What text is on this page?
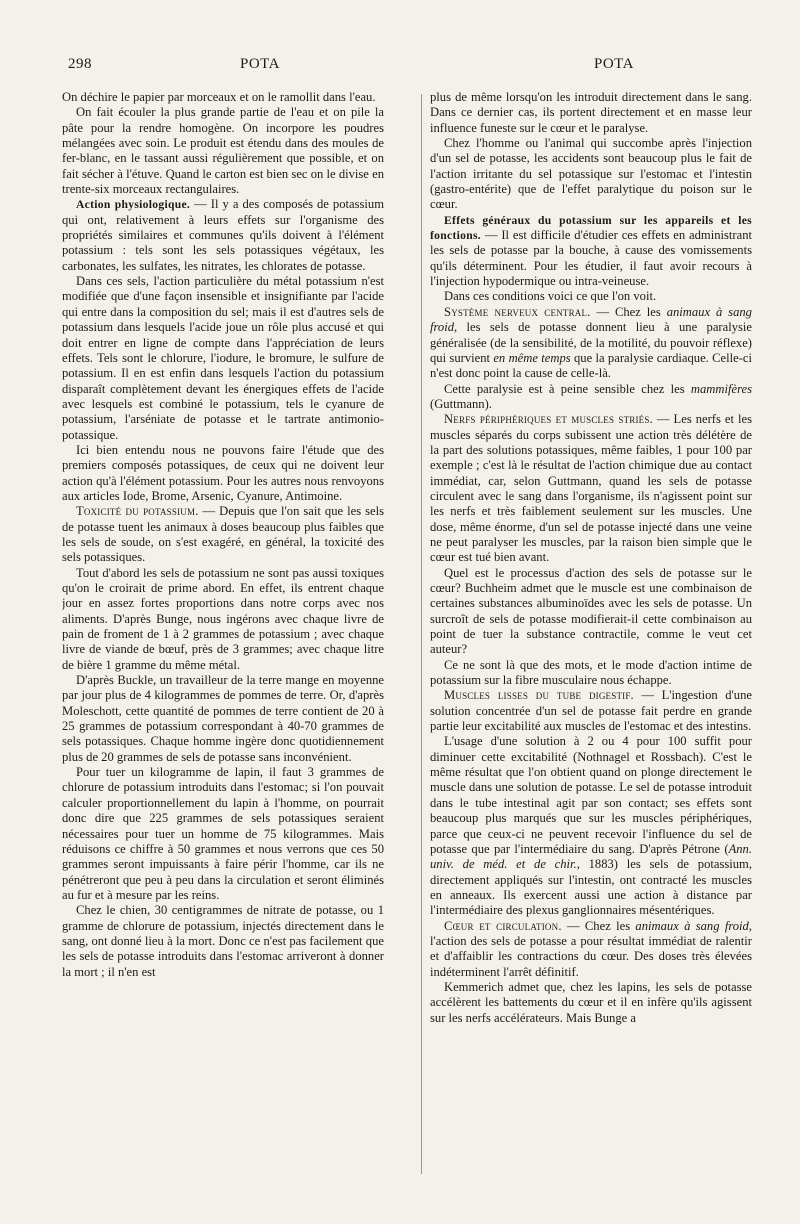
298	POTA	POTA

On déchire le papier par morceaux et on le ramollit dans l'eau.

On fait écouler la plus grande partie de l'eau et on pile la pâte pour la rendre homogène. On incorpore les poudres mélangées avec soin. Le produit est étendu dans des moules de fer-blanc, en le tassant aussi régulièrement que possible, et on fait sécher à l'étuve. Quand le carton est bien sec on le divise en trente-six morceaux rectangulaires.

Action physiologique. — Il y a des composés de potassium qui ont, relativement à leurs effets sur l'organisme des propriétés similaires et communes qu'ils doivent à l'élément potassium : tels sont les sels potassiques végétaux, les carbonates, les sulfates, les nitrates, les chlorates de potasse.

Dans ces sels, l'action particulière du métal potassium n'est modifiée que d'une façon insensible et insignifiante par l'acide qui entre dans la composition du sel; mais il est d'autres sels de potassium dans lesquels l'acide joue un rôle plus accusé et qui doit entrer en ligne de compte dans l'appréciation de leurs effets. Tels sont le chlorure, l'iodure, le bromure, le sulfure de potassium. Il en est enfin dans lesquels l'action du potassium disparaît complètement devant les énergiques effets de l'acide avec lesquels est combiné le potassium, tels le cyanure de potassium, l'arséniate de potasse et le tartrate antimonio-potassique.

Ici bien entendu nous ne pouvons faire l'étude que des premiers composés potassiques, de ceux qui ne doivent leur action qu'à l'élément potassium. Pour les autres nous renvoyons aux articles Iode, Brome, Arsenic, Cyanure, Antimoine.

Toxicité du potassium. — Depuis que l'on sait que les sels de potasse tuent les animaux à doses beaucoup plus faibles que les sels de soude, on s'est exagéré, en général, la toxicité des sels potassiques.

Tout d'abord les sels de potassium ne sont pas aussi toxiques qu'on le croirait de prime abord. En effet, ils entrent chaque jour en assez fortes proportions dans notre corps avec nos aliments. D'après Bunge, nous ingérons avec chaque livre de pain de froment de 1 à 2 grammes de potassium ; avec chaque livre de viande de bœuf, près de 3 grammes; avec chaque litre de bière 1 gramme du même métal.

D'après Buckle, un travailleur de la terre mange en moyenne par jour plus de 4 kilogrammes de pommes de terre. Or, d'après Moleschott, cette quantité de pommes de terre contient de 20 à 25 grammes de potassium correspondant à 40-70 grammes de sels potassiques. Chaque homme ingère donc quotidiennement plus de 20 grammes de sels de potasse sans inconvénient.

Pour tuer un kilogramme de lapin, il faut 3 grammes de chlorure de potassium introduits dans l'estomac; si l'on pouvait calculer proportionnellement du lapin à l'homme, on pourrait donc dire que 225 grammes de sels potassiques seraient nécessaires pour tuer un homme de 75 kilogrammes. Mais réduisons ce chiffre à 50 grammes et nous verrons que ces 50 grammes seront impuissants à faire périr l'homme, car ils ne pénétreront que peu à peu dans la circulation et seront éliminés au fur et à mesure par les reins.

Chez le chien, 30 centigrammes de nitrate de potasse, ou 1 gramme de chlorure de potassium, injectés directement dans le sang, ont donné lieu à la mort. Donc ce n'est pas facilement que les sels de potasse introduits dans l'estomac arriveront à donner la mort ; il n'en est

plus de même lorsqu'on les introduit directement dans le sang. Dans ce dernier cas, ils portent directement et en masse leur influence funeste sur le cœur et le paralyse.

Chez l'homme ou l'animal qui succombe après l'injection d'un sel de potasse, les accidents sont beaucoup plus le fait de l'action irritante du sel potassique sur l'estomac et l'intestin (gastro-entérite) que de l'effet paralytique du poison sur le cœur.

Effets généraux du potassium sur les appareils et les fonctions. — Il est difficile d'étudier ces effets en administrant les sels de potasse par la bouche, à cause des vomissements qu'ils déterminent. Pour les étudier, il faut avoir recours à l'injection hypodermique ou intra-veineuse.

Dans ces conditions voici ce que l'on voit.

Système nerveux central. — Chez les animaux à sang froid, les sels de potasse donnent lieu à une paralysie généralisée (de la sensibilité, de la motilité, du pouvoir réflexe) qui survient en même temps que la paralysie cardiaque. Celle-ci n'est donc point la cause de celle-là.

Cette paralysie est à peine sensible chez les mammifères (Guttmann).

Nerfs périphériques et muscles striés. — Les nerfs et les muscles séparés du corps subissent une action très délétère de la part des solutions potassiques, même faibles, 1 pour 100 par exemple ; c'est là le résultat de l'action chimique due au contact immédiat, car, selon Guttmann, quand les sels de potasse circulent avec le sang dans l'organisme, ils n'agissent point sur les nerfs et très faiblement seulement sur les muscles. Une dose, même énorme, d'un sel de potasse injecté dans une veine ne peut paralyser les muscles, par la raison bien simple que le cœur est tué bien avant.

Quel est le processus d'action des sels de potasse sur le cœur? Buchheim admet que le muscle est une combinaison de certaines substances albuminoïdes avec les sels de potasse. Un surcroît de sels de potasse modifierait-il cette combinaison au point de tuer la substance contractile, comme le veut cet auteur?

Ce ne sont là que des mots, et le mode d'action intime de potassium sur la fibre musculaire nous échappe.

Muscles lisses du tube digestif. — L'ingestion d'une solution concentrée d'un sel de potasse fait perdre en grande partie leur excitabilité aux muscles de l'estomac et des intestins.

L'usage d'une solution à 2 ou 4 pour 100 suffit pour diminuer cette excitabilité (Nothnagel et Rossbach). C'est le même résultat que l'on obtient quand on plonge directement le muscle dans une solution de potasse. Le sel de potasse introduit dans le tube intestinal agit par son contact; ses effets sont beaucoup plus marqués que sur les muscles périphériques, parce que ceux-ci ne peuvent recevoir l'influence du sel de potasse que par l'intermédiaire du sang. D'après Pétrone (Ann. univ. de méd. et de chir., 1883) les sels de potassium, directement appliqués sur l'intestin, ont contracté les muscles en anneaux. Ils exercent aussi une action à distance par l'intermédiaire des plexus ganglionnaires mésentériques.

Cœur et circulation. — Chez les animaux à sang froid, l'action des sels de potasse a pour résultat immédiat de ralentir et d'affaiblir les contractions du cœur. Des doses très élevées indéterminent l'arrêt définitif.

Kemmerich admet que, chez les lapins, les sels de potasse accélèrent les battements du cœur et il en infère qu'ils agissent sur les nerfs accélérateurs. Mais Bunge a
